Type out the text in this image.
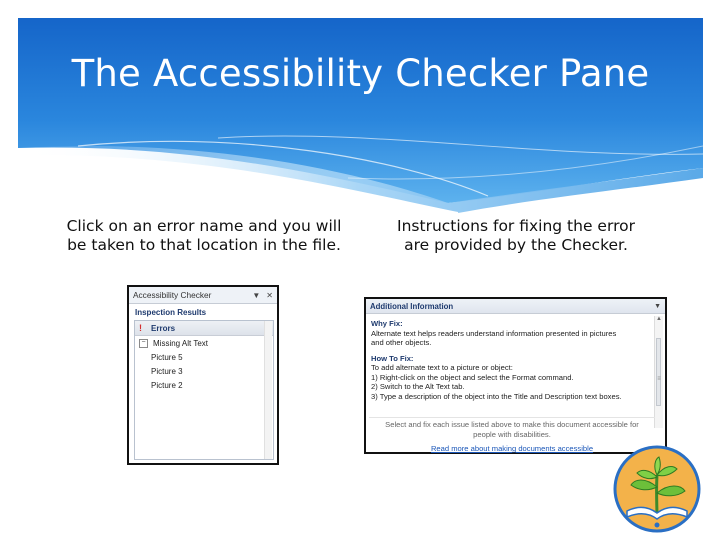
The Accessibility Checker Pane
Click on an error name and you will
be taken to that location in the file.
Instructions for fixing the error
are provided by the Checker.
Accessibility Checker	▼ ✕
Inspection Results
!	Errors
− Missing Alt Text
Picture 5
Picture 3
Picture 2
Additional Information	▼
Why Fix:

Alternate text helps readers understand information presented in pictures

and other objects.

How To Fix:

To add alternate text to a picture or object:

1) Right-click on the object and select the Format command.

2) Switch to the Alt Text tab.

3) Type a description of the object into the Title and Description text boxes.

▲
≡
Select and fix each issue listed above to make this document accessible for
people with disabilities.
Read more about making documents accessible
